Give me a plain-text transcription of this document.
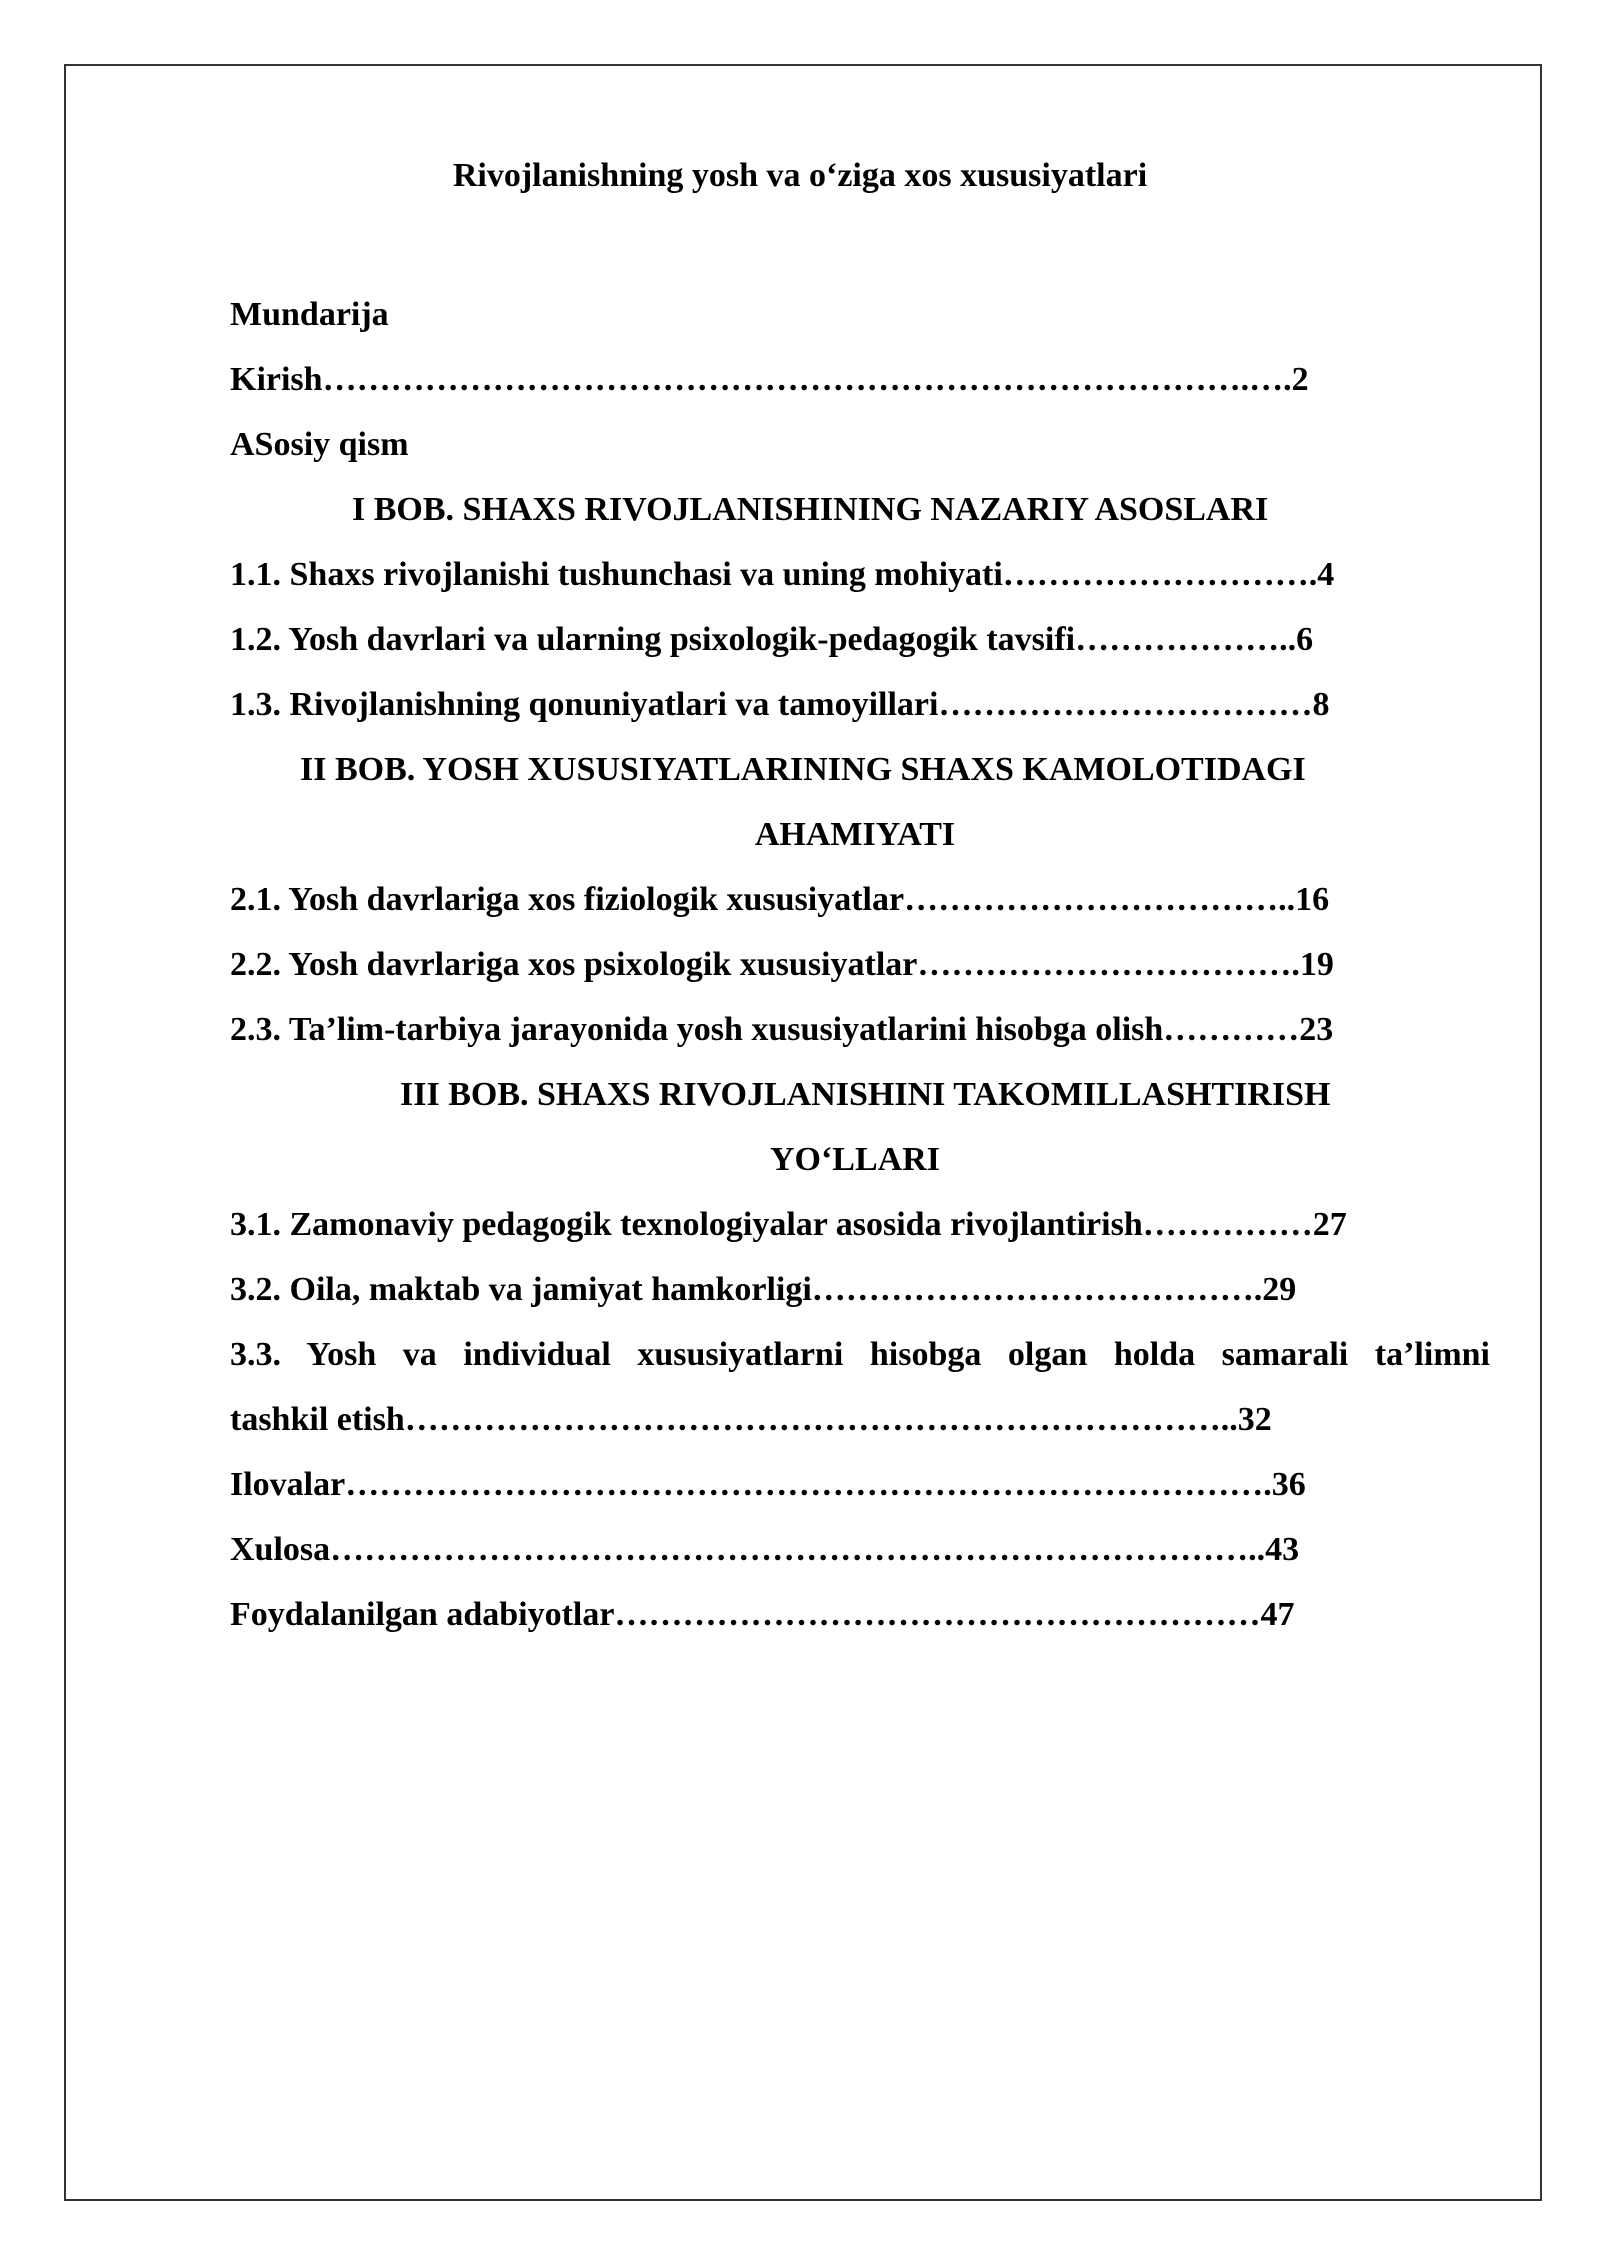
Rivojlanishning yosh va o‘ziga xos xususiyatlari
Mundarija
Kirish……………………………………………………………………….….2
ASosiy qism
I BOB. SHAXS RIVOJLANISHINING NAZARIY ASOSLARI
1.1. Shaxs rivojlanishi tushunchasi va uning mohiyati……………………….4
1.2. Yosh davrlari va ularning psixologik-pedagogik tavsifi………………..6
1.3. Rivojlanishning qonuniyatlari va tamoyillari……………………………8
II BOB. YOSH XUSUSIYATLARINING SHAXS KAMOLOTIDAGI
AHAMIYATI
2.1. Yosh davrlariga xos fiziologik xususiyatlar……………………………..16
2.2. Yosh davrlariga xos psixologik xususiyatlar…………………………….19
2.3. Ta’lim-tarbiya jarayonida yosh xususiyatlarini hisobga olish…………23
III BOB. SHAXS RIVOJLANISHINI TAKOMILLASHTIRISH
YO‘LLARI
3.1. Zamonaviy pedagogik texnologiyalar asosida rivojlantirish……………27
3.2. Oila, maktab va jamiyat hamkorligi………………………………….29
3.3. Yosh va individual xususiyatlarni hisobga olgan holda samarali ta’limni
tashkil etish………………………………………………………………..32
Ilovalar……………………………………………………………………….36
Xulosa………………………………………………………………………..43
Foydalanilgan adabiyotlar…………………………………………………47
